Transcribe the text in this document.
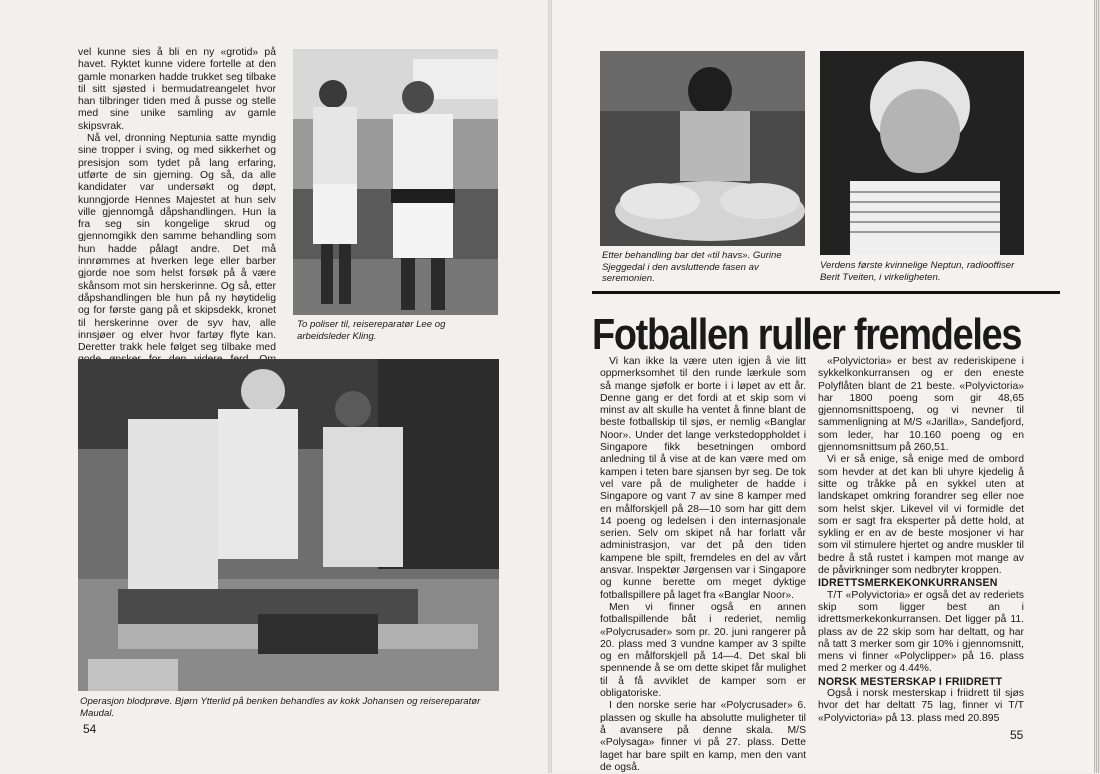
vel kunne sies å bli en ny «grotid» på havet. Ryktet kunne videre fortelle at den gamle monarken hadde trukket seg tilbake til sitt sjøsted i bermudatreangelet hvor han tilbringer tiden med å pusse og stelle med sine unike samling av gamle skipsvrak.

Nå vel, dronning Neptunia satte myndig sine tropper i sving, og med sikkerhet og presisjon som tydet på lang erfaring, utførte de sin gjerning. Og så, da alle kandidater var undersøkt og døpt, kunngjorde Hennes Majestet at hun selv ville gjennomgå dåpshandlingen. Hun la fra seg sin kongelige skrud og gjennomgikk den samme behandling som hun hadde pålagt andre. Det må innrømmes at hverken lege eller barber gjorde noe som helst forsøk på å være skånsom mot sin herskerinne. Og så, etter dåpshandlingen ble hun på ny høytidelig og for første gang på et skipsdekk, kronet til herskerinne over de syv hav, alle innsjøer og elver hvor fartøy flyte kan. Deretter trakk hele følget seg tilbake med

To poliser til, reisereparatør Lee og arbeidsleder Kling.

Operasjon blodprøve. Bjørn Ytterlid på benken behandles av kokk Johansen og reisereparatør Maudal.

54

Etter behandling bar det «til havs». Gurine Sjeggedal i den avsluttende fasen av seremonien.

Verdens første kvinnelige Neptun, radiooffiser Berit Tveiten, i virkeligheten.

Fotballen ruller fremdeles

Vi kan ikke la være uten igjen å vie litt oppmerksomhet til den runde lærkule som så mange sjøfolk er borte i i løpet av ett år. Denne gang er det fordi at et skip som vi minst av alt skulle ha ventet å finne blant de beste fotballskip til sjøs, er nemlig «Banglar Noor». Under det lange verkstedoppholdet i Singapore fikk besetningen ombord anledning til å vise at de kan være med om kampen i teten bare sjansen byr seg. De tok vel vare på de muligheter de hadde i Singapore og vant 7 av sine 8 kamper med en målforskjell på 28—10 som har gitt dem 14 poeng og ledelsen i den internasjonale serien. Selv om skipet nå har forlatt vår administrasjon, var det på den tiden kampene ble spilt, fremdeles en del av vårt ansvar. Inspektør Jørgensen var i Singapore og kunne berette om meget dyktige fotballspillere på laget fra «Banglar Noor».

Men vi finner også en annen fotballspillende båt i rederiet, nemlig «Polycrusader» som pr. 20. juni rangerer på 20. plass med 3 vundne kamper av 3 spilte og en målforskjell på 14—4. Det skal bli spennende å se om dette skipet får mulighet til å få avviklet de kamper som er obligatoriske.

I den norske serie har «Polycrusader» 6. plassen og skulle ha absolutte muligheter til å avansere på denne skala. M/S «Polysaga» finner vi på 27. plass. Dette laget har bare spilt en kamp, men den vant de også.

«Polyvictoria» er best av rederiskipene i sykkelkonkurransen og er den eneste Polyflåten blant de 21 beste. «Polyvictoria» har 1800 poeng som gir 48,65 gjennomsnittspoeng, og vi nevner til sammenligning at M/S «Jarilla», Sandefjord, som leder, har 10.160 poeng og en gjennomsnittsum på 260,51.

Vi er så enige, så enige med de ombord som hevder at det kan bli uhyre kjedelig å sitte og tråkke på en sykkel uten at landskapet omkring forandrer seg eller noe som helst skjer. Likevel vil vi formidle det som er sagt fra eksperter på dette hold, at sykling er en av de beste mosjoner vi har som vil stimulere hjertet og andre muskler til bedre å stå rustet i kampen mot mange av de påvirkninger som nedbryter kroppen.

IDRETTSMERKEKONKURRANSEN

T/T «Polyvictoria» er også det av rederiets skip som ligger best an i idrettsmerkekonkurransen. Det ligger på 11. plass av de 22 skip som har deltatt, og har nå tatt 3 merker som gir 10% i gjennomsnitt, mens vi finner «Polyclipper» på 16. plass med 2 merker og 4.44%.

NORSK MESTERSKAP I FRIIDRETT

Også i norsk mesterskap i friidrett til sjøs hvor det har deltatt 75 lag, finner vi T/T «Polyvictoria» på 13. plass med 20.895

55
